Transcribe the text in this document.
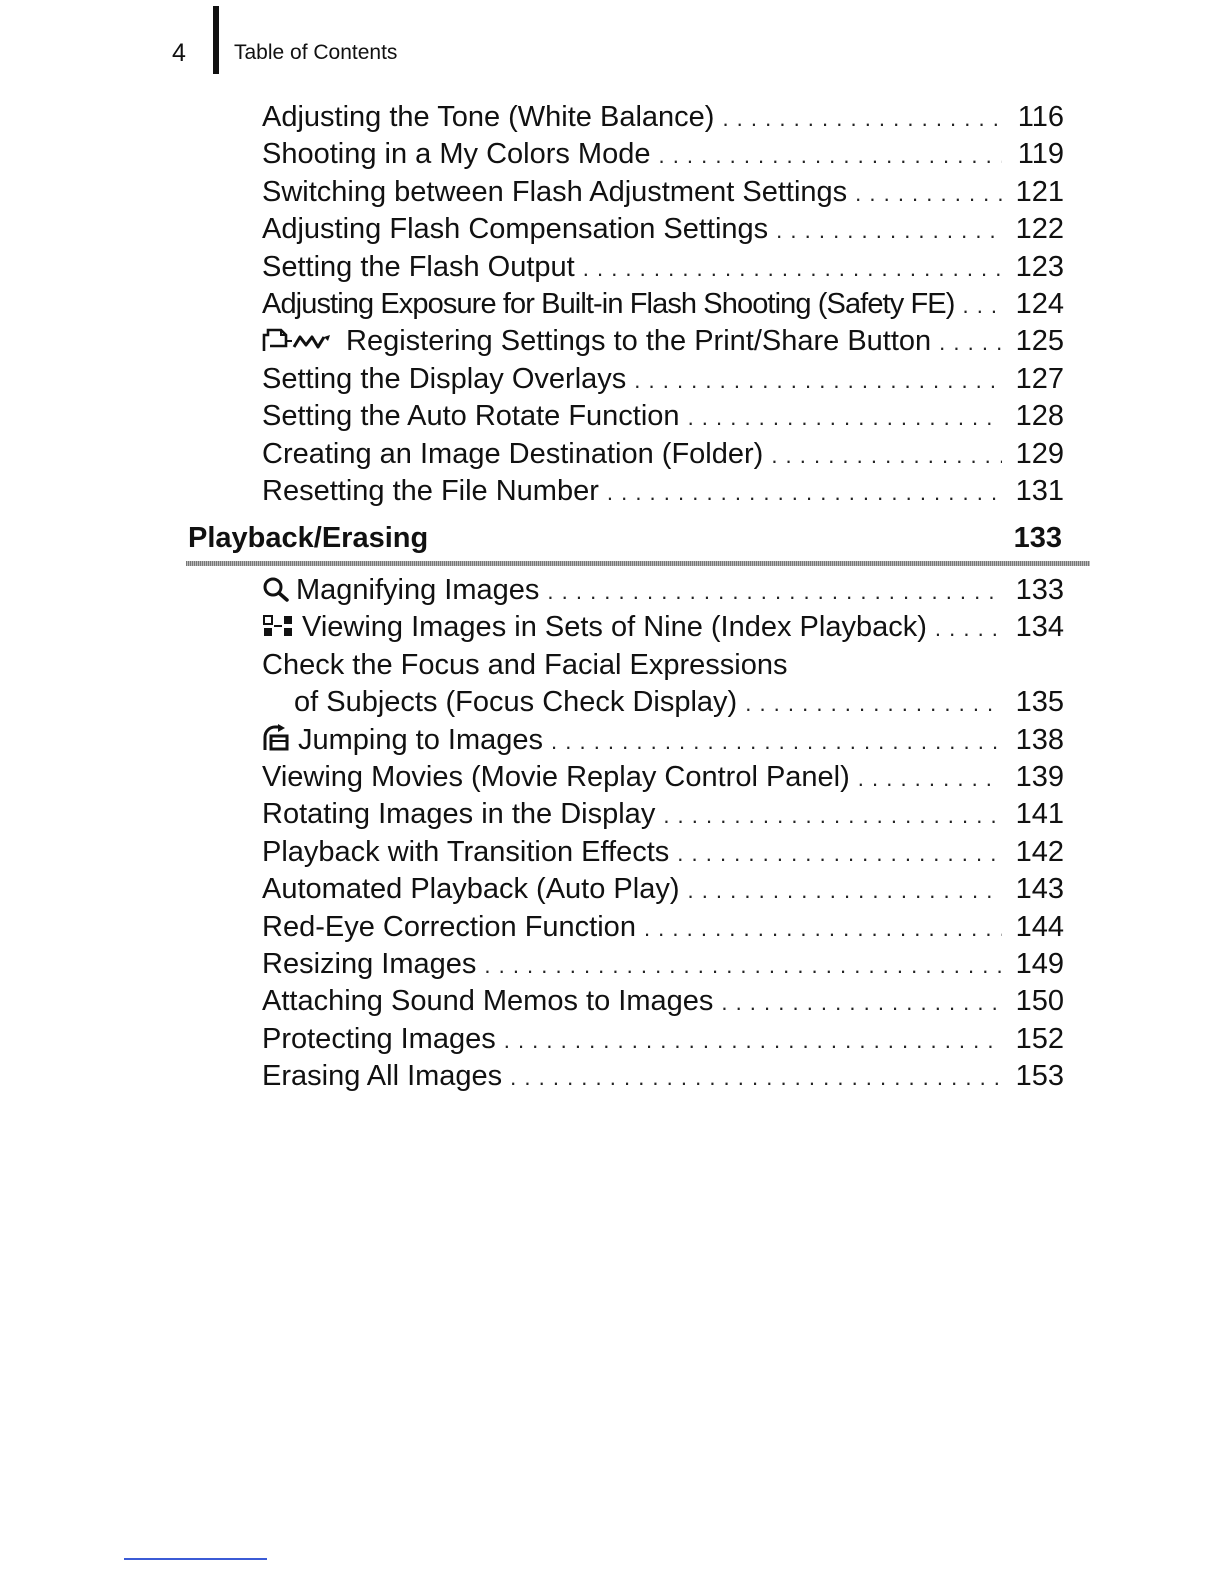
4 Table of Contents
Adjusting the Tone (White Balance) . . .	116
Shooting in a My Colors Mode . . .	119
Switching between Flash Adjustment Settings . . .	121
Adjusting Flash Compensation Settings . . .	122
Setting the Flash Output . . .	123
Adjusting Exposure for Built-in Flash Shooting (Safety FE) . . . 124
Registering Settings to the Print/Share Button . . .	125
Setting the Display Overlays . . .	127
Setting the Auto Rotate Function . . .	128
Creating an Image Destination (Folder) . . .	129
Resetting the File Number . . .	131
Playback/Erasing	133
Magnifying Images . . .	133
Viewing Images in Sets of Nine (Index Playback) . . .	134
Check the Focus and Facial Expressions
of Subjects (Focus Check Display) . . .	135
Jumping to Images . . .	138
Viewing Movies (Movie Replay Control Panel) . . .	139
Rotating Images in the Display . . .	141
Playback with Transition Effects . . .	142
Automated Playback (Auto Play) . . .	143
Red-Eye Correction Function . . .	144
Resizing Images . . .	149
Attaching Sound Memos to Images . . .	150
Protecting Images . . .	152
Erasing All Images . . .	153
